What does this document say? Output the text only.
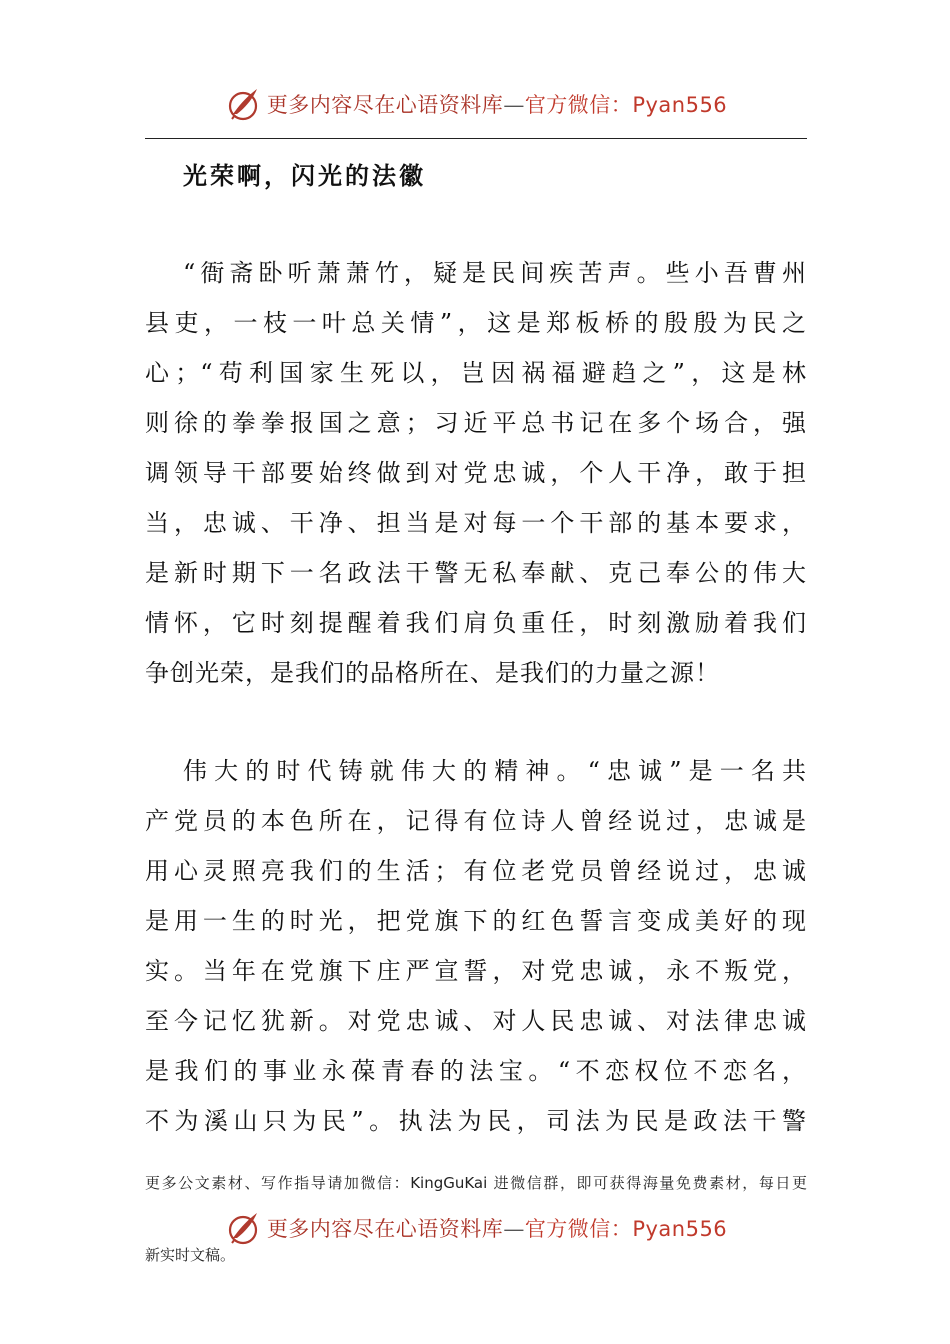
更多内容尽在心语资料库—官方微信：Pyan556
光荣啊，闪光的法徽
“衙斋卧听萧萧竹，疑是民间疾苦声。些小吾曹州
县吏，一枝一叶总关情”，这是郑板桥的殷殷为民之
心；“苟利国家生死以，岂因祸福避趋之”，这是林
则徐的拳拳报国之意；习近平总书记在多个场合，强
调领导干部要始终做到对党忠诚，个人干净，敢于担
当，忠诚、干净、担当是对每一个干部的基本要求，
是新时期下一名政法干警无私奉献、克己奉公的伟大
情怀，它时刻提醒着我们肩负重任，时刻激励着我们
争创光荣，是我们的品格所在、是我们的力量之源！
伟大的时代铸就伟大的精神。“忠诚”是一名共
产党员的本色所在，记得有位诗人曾经说过，忠诚是
用心灵照亮我们的生活；有位老党员曾经说过，忠诚
是用一生的时光，把党旗下的红色誓言变成美好的现
实。当年在党旗下庄严宣誓，对党忠诚，永不叛党，
至今记忆犹新。对党忠诚、对人民忠诚、对法律忠诚
是我们的事业永葆青春的法宝。“不恋权位不恋名，
不为溪山只为民”。执法为民，司法为民是政法干警
更多公文素材、写作指导请加微信：KingGuKai 进微信群，即可获得海量免费素材，每日更
更多内容尽在心语资料库—官方微信：Pyan556
新实时文稿。
